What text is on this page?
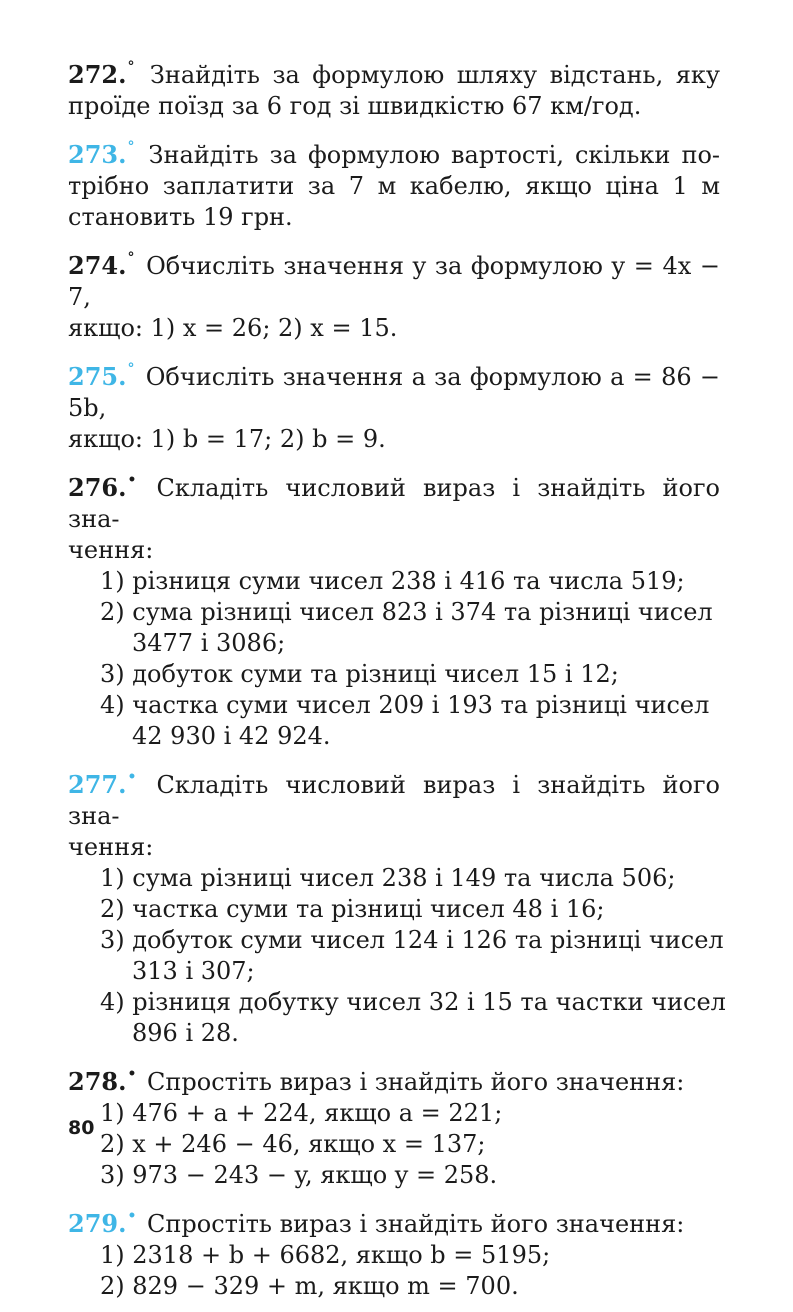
272.° Знайдіть за формулою шляху відстань, яку
проїде поїзд за 6 год зі швидкістю 67 км/год.
273.° Знайдіть за формулою вартості, скільки по-
трібно заплатити за 7 м кабелю, якщо ціна 1 м
становить 19 грн.
274.° Обчисліть значення y за формулою y = 4x − 7,
якщо: 1) x = 26; 2) x = 15.
275.° Обчисліть значення a за формулою a = 86 − 5b,
якщо: 1) b = 17; 2) b = 9.
276.• Складіть числовий вираз і знайдіть його зна-
чення:
1) різниця суми чисел 238 і 416 та числа 519;
2) сума різниці чисел 823 і 374 та різниці чисел
3477 і 3086;
3) добуток суми та різниці чисел 15 і 12;
4) частка суми чисел 209 і 193 та різниці чисел
42 930 і 42 924.
277.• Складіть числовий вираз і знайдіть його зна-
чення:
1) сума різниці чисел 238 і 149 та числа 506;
2) частка суми та різниці чисел 48 і 16;
3) добуток суми чисел 124 і 126 та різниці чисел
313 і 307;
4) різниця добутку чисел 32 і 15 та частки чисел
896 і 28.
278.• Спростіть вираз і знайдіть його значення:
1) 476 + a + 224, якщо a = 221;
2) x + 246 − 46, якщо x = 137;
3) 973 − 243 − y, якщо y = 258.
279.• Спростіть вираз і знайдіть його значення:
1) 2318 + b + 6682, якщо b = 5195;
2) 829 − 329 + m, якщо m = 700.
80
